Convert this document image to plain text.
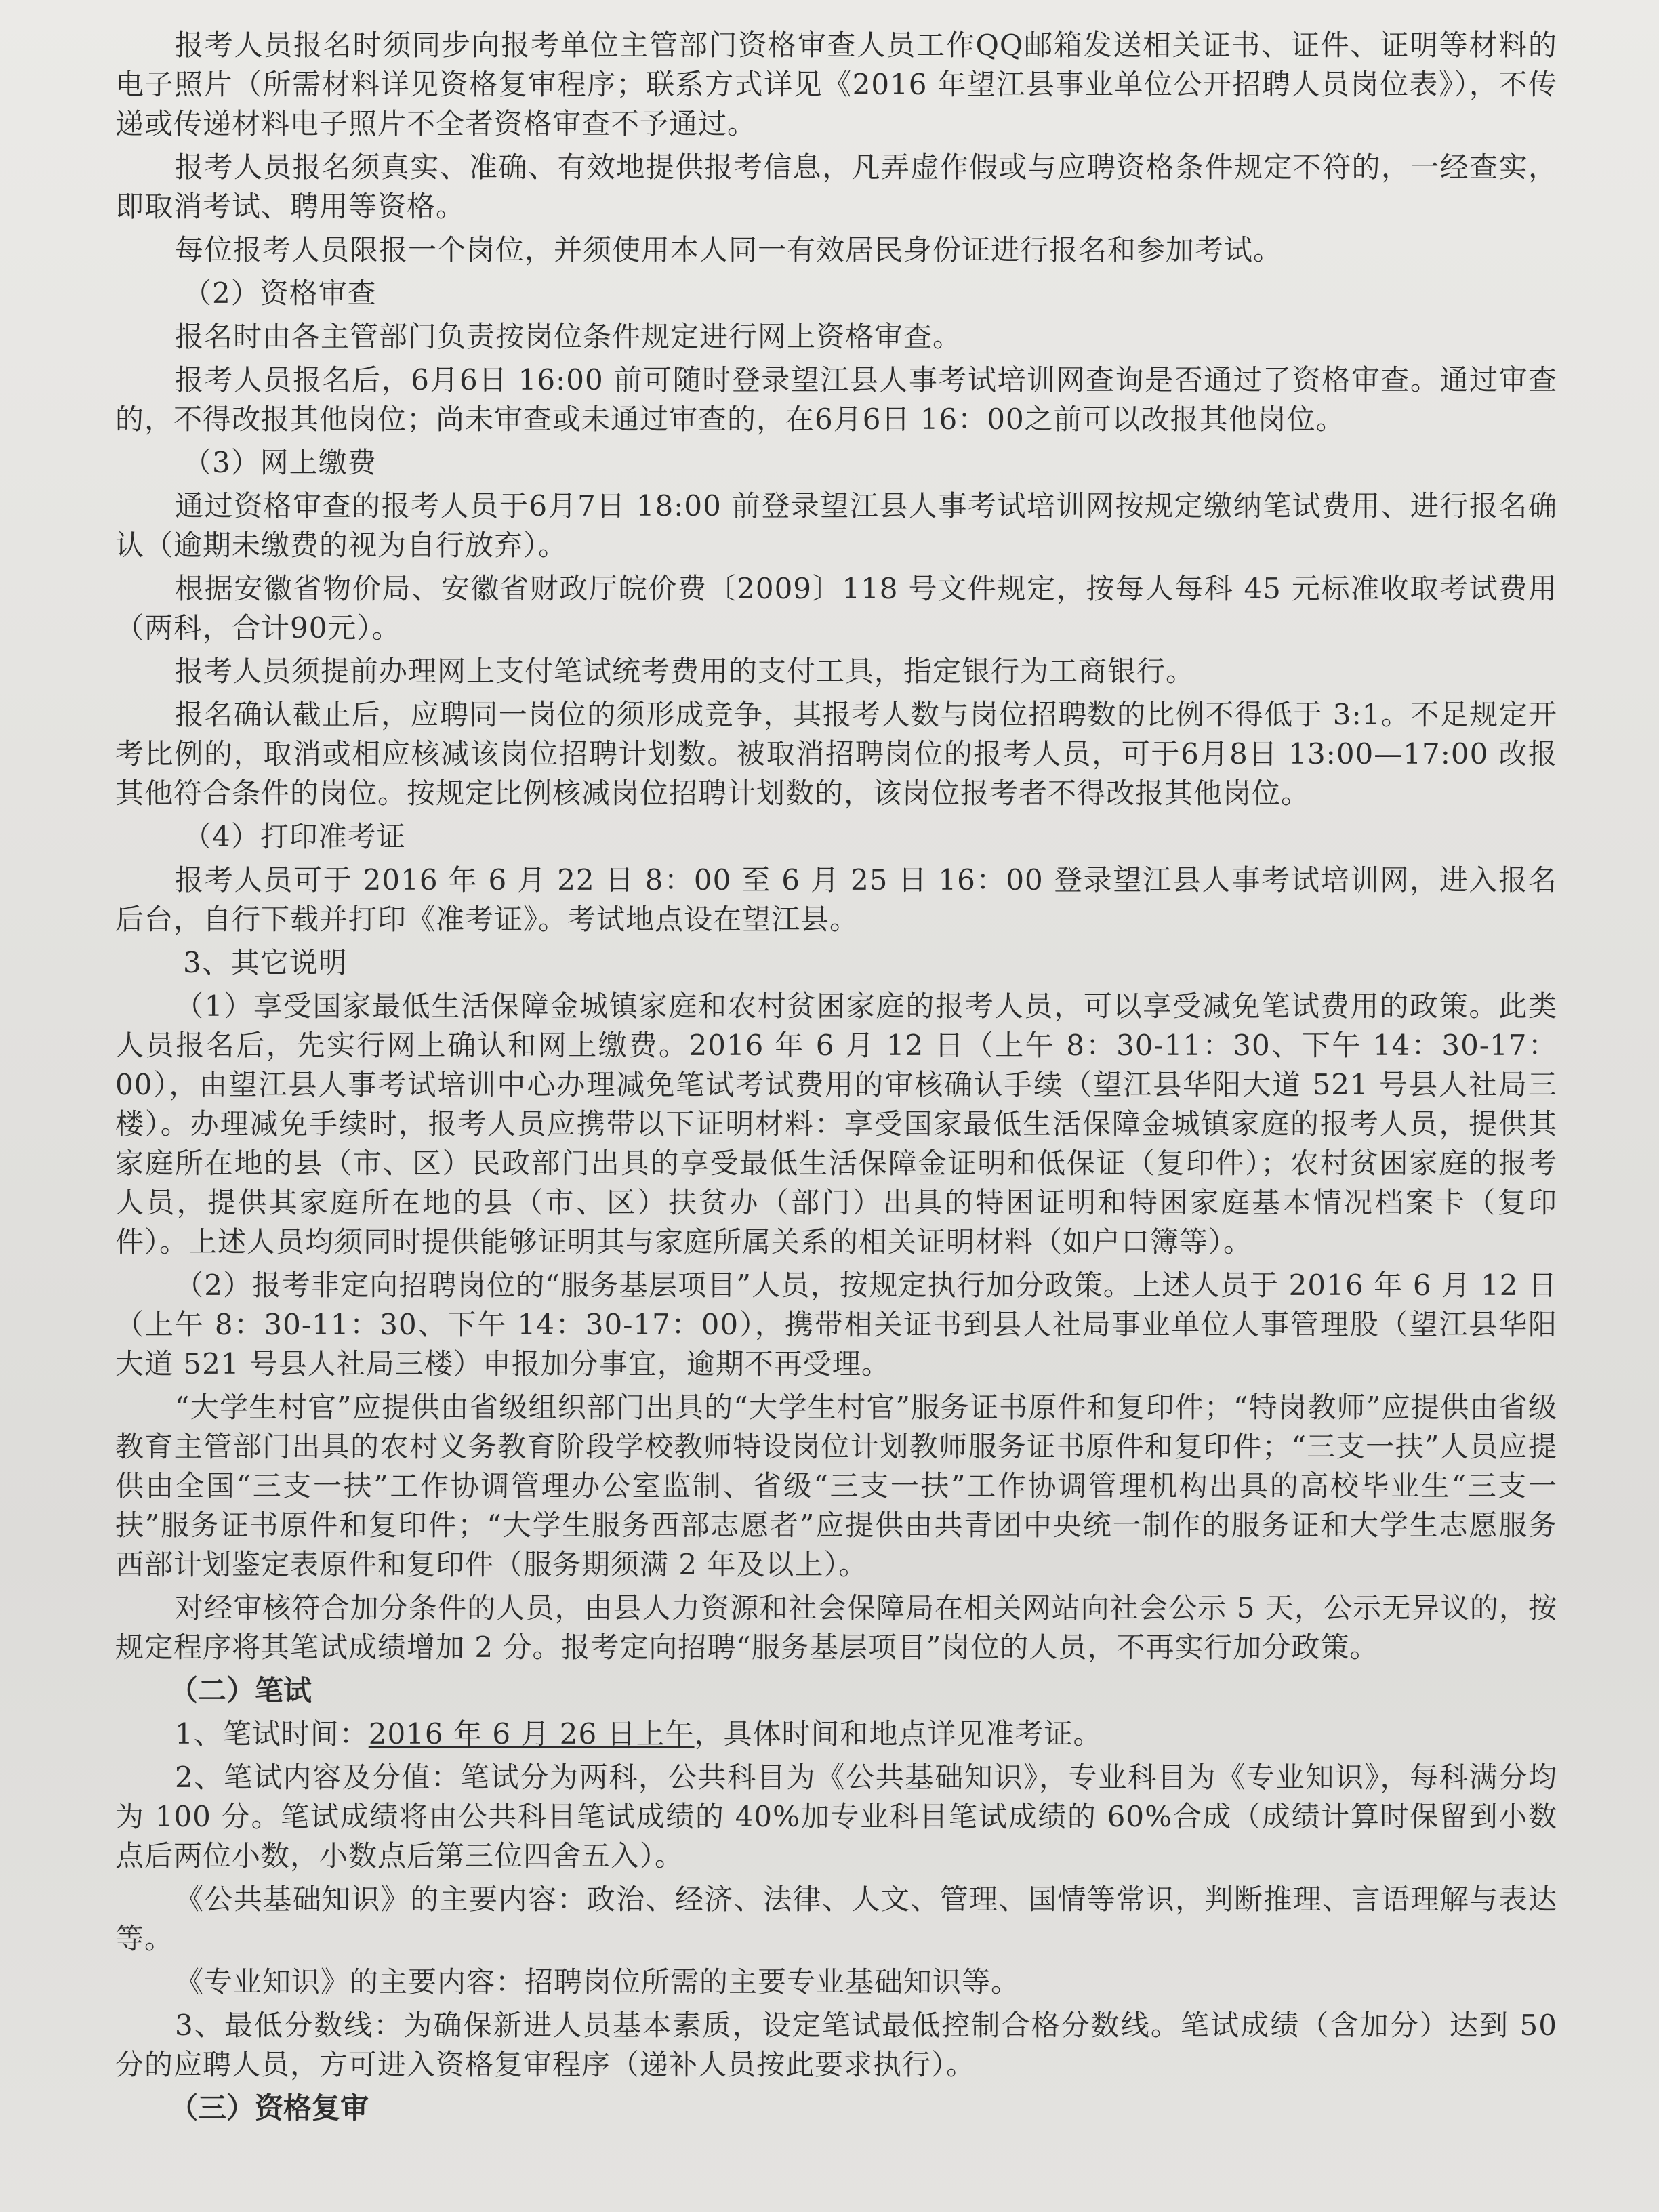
报考人员报名时须同步向报考单位主管部门资格审查人员工作QQ邮箱发送相关证书、证件、证明等材料的电子照片（所需材料详见资格复审程序；联系方式详见《2016 年望江县事业单位公开招聘人员岗位表》），不传递或传递材料电子照片不全者资格审查不予通过。

报考人员报名须真实、准确、有效地提供报考信息，凡弄虚作假或与应聘资格条件规定不符的，一经查实，即取消考试、聘用等资格。

每位报考人员限报一个岗位，并须使用本人同一有效居民身份证进行报名和参加考试。

（2）资格审查

报名时由各主管部门负责按岗位条件规定进行网上资格审查。

报考人员报名后，6月6日 16:00 前可随时登录望江县人事考试培训网查询是否通过了资格审查。通过审查的，不得改报其他岗位；尚未审查或未通过审查的，在6月6日 16：00之前可以改报其他岗位。

（3）网上缴费

通过资格审查的报考人员于6月7日 18:00 前登录望江县人事考试培训网按规定缴纳笔试费用、进行报名确认（逾期未缴费的视为自行放弃）。

根据安徽省物价局、安徽省财政厅皖价费〔2009〕118 号文件规定，按每人每科 45 元标准收取考试费用（两科，合计90元）。

报考人员须提前办理网上支付笔试统考费用的支付工具，指定银行为工商银行。

报名确认截止后，应聘同一岗位的须形成竞争，其报考人数与岗位招聘数的比例不得低于 3:1。不足规定开考比例的，取消或相应核减该岗位招聘计划数。被取消招聘岗位的报考人员，可于6月8日 13:00—17:00 改报其他符合条件的岗位。按规定比例核减岗位招聘计划数的，该岗位报考者不得改报其他岗位。

（4）打印准考证

报考人员可于 2016 年 6 月 22 日 8：00 至 6 月 25 日 16：00 登录望江县人事考试培训网，进入报名后台，自行下载并打印《准考证》。考试地点设在望江县。

3、其它说明

（1）享受国家最低生活保障金城镇家庭和农村贫困家庭的报考人员，可以享受减免笔试费用的政策。此类人员报名后，先实行网上确认和网上缴费。2016 年 6 月 12 日（上午 8：30-11：30、下午 14：30-17：00），由望江县人事考试培训中心办理减免笔试考试费用的审核确认手续（望江县华阳大道 521 号县人社局三楼）。办理减免手续时，报考人员应携带以下证明材料：享受国家最低生活保障金城镇家庭的报考人员，提供其家庭所在地的县（市、区）民政部门出具的享受最低生活保障金证明和低保证（复印件）；农村贫困家庭的报考人员，提供其家庭所在地的县（市、区）扶贫办（部门）出具的特困证明和特困家庭基本情况档案卡（复印件）。上述人员均须同时提供能够证明其与家庭所属关系的相关证明材料（如户口簿等）。

（2）报考非定向招聘岗位的“服务基层项目”人员，按规定执行加分政策。上述人员于 2016 年 6 月 12 日（上午 8：30-11：30、下午 14：30-17：00），携带相关证书到县人社局事业单位人事管理股（望江县华阳大道 521 号县人社局三楼）申报加分事宜，逾期不再受理。

“大学生村官”应提供由省级组织部门出具的“大学生村官”服务证书原件和复印件；“特岗教师”应提供由省级教育主管部门出具的农村义务教育阶段学校教师特设岗位计划教师服务证书原件和复印件；“三支一扶”人员应提供由全国“三支一扶”工作协调管理办公室监制、省级“三支一扶”工作协调管理机构出具的高校毕业生“三支一扶”服务证书原件和复印件；“大学生服务西部志愿者”应提供由共青团中央统一制作的服务证和大学生志愿服务西部计划鉴定表原件和复印件（服务期须满 2 年及以上）。

对经审核符合加分条件的人员，由县人力资源和社会保障局在相关网站向社会公示 5 天，公示无异议的，按规定程序将其笔试成绩增加 2 分。报考定向招聘“服务基层项目”岗位的人员，不再实行加分政策。

（二）笔试

1、笔试时间：2016 年 6 月 26 日上午，具体时间和地点详见准考证。

2、笔试内容及分值：笔试分为两科，公共科目为《公共基础知识》，专业科目为《专业知识》，每科满分均为 100 分。笔试成绩将由公共科目笔试成绩的 40%加专业科目笔试成绩的 60%合成（成绩计算时保留到小数点后两位小数，小数点后第三位四舍五入）。

《公共基础知识》的主要内容：政治、经济、法律、人文、管理、国情等常识，判断推理、言语理解与表达等。

《专业知识》的主要内容：招聘岗位所需的主要专业基础知识等。

3、最低分数线：为确保新进人员基本素质，设定笔试最低控制合格分数线。笔试成绩（含加分）达到 50 分的应聘人员，方可进入资格复审程序（递补人员按此要求执行）。

（三）资格复审
